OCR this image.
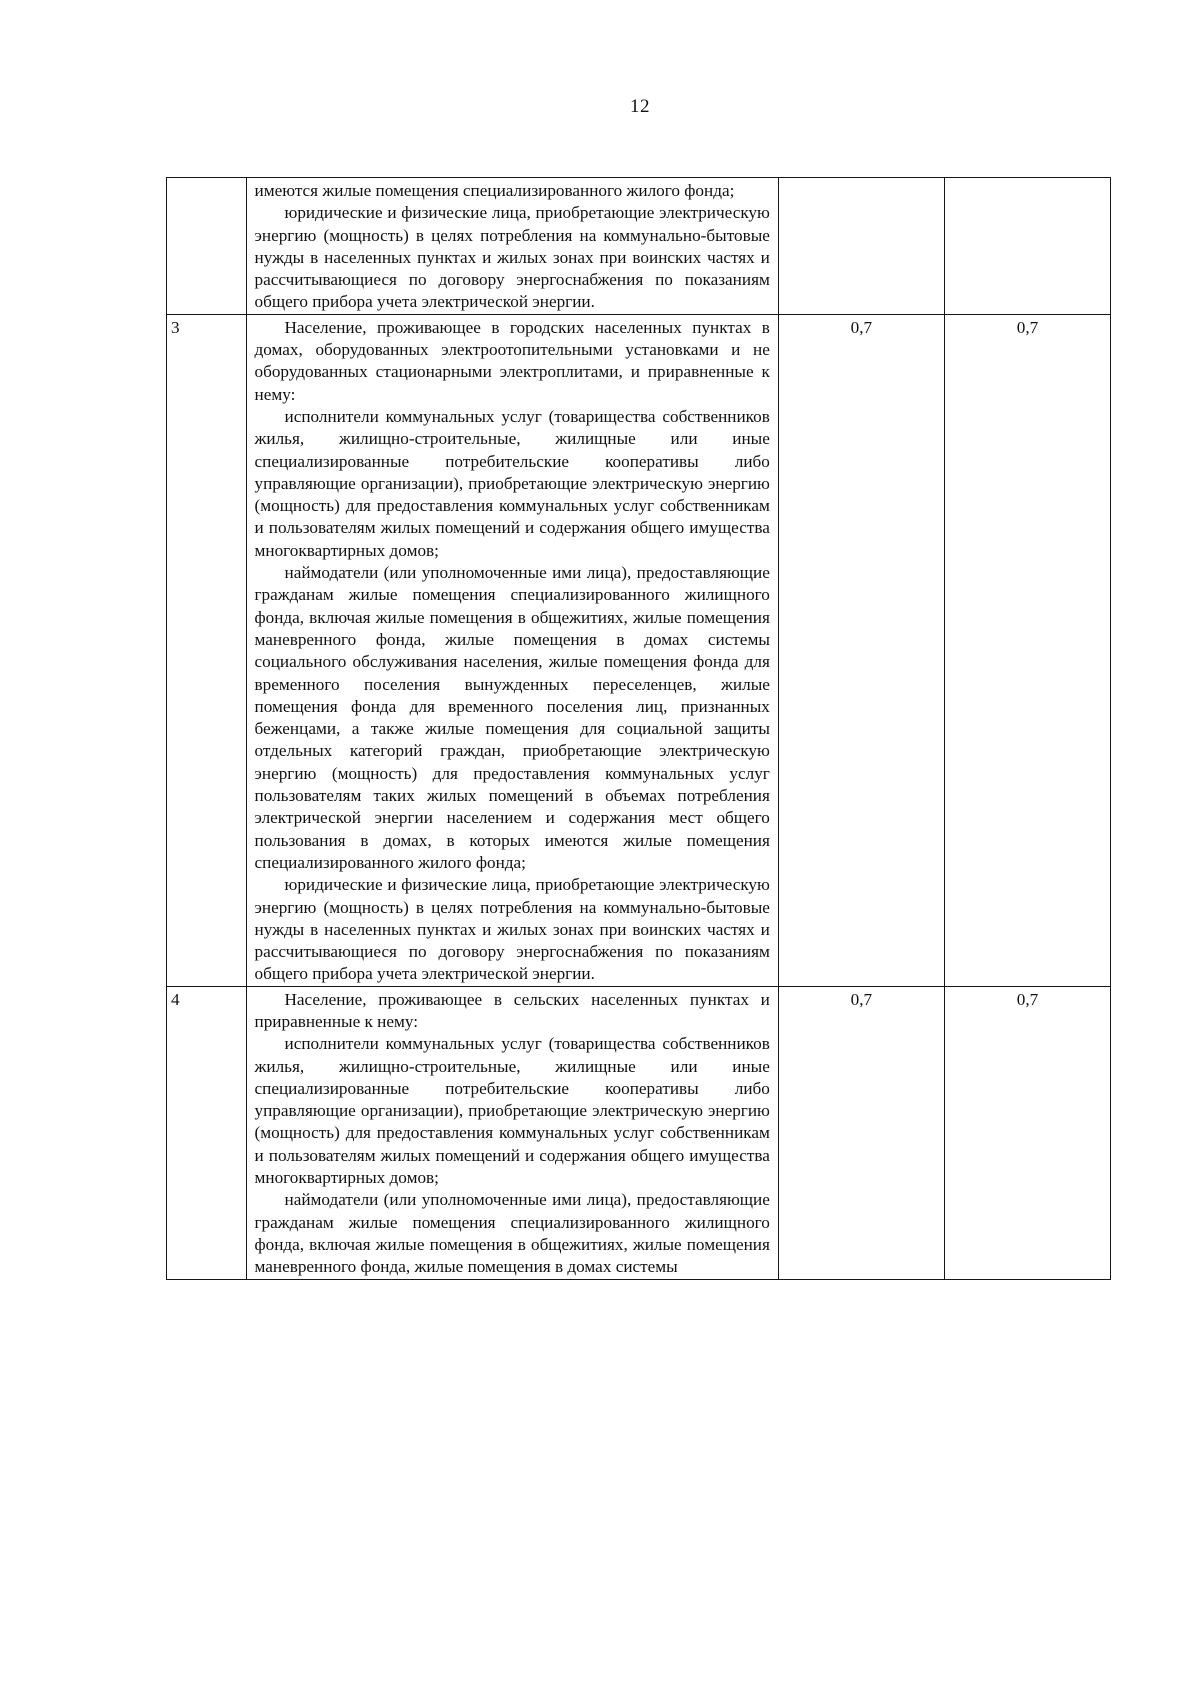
12

	имеются жилые помещения специализированного жилого фонда;

юридические и физические лица, приобретающие электрическую энергию (мощность) в целях потребления на коммунально-бытовые нужды в населенных пунктах и жилых зонах при воинских частях и рассчитывающиеся по договору энергоснабжения по показаниям общего прибора учета электрической энергии.		

3	Население, проживающее в городских населенных пунктах в домах, оборудованных электроотопительными установками и не оборудованных стационарными электроплитами, и приравненные к нему:

исполнители коммунальных услуг (товарищества собственников жилья, жилищно-строительные, жилищные или иные специализированные потребительские кооперативы либо управляющие организации), приобретающие электрическую энергию (мощность) для предоставления коммунальных услуг собственникам и пользователям жилых помещений и содержания общего имущества многоквартирных домов;

наймодатели (или уполномоченные ими лица), предоставляющие гражданам жилые помещения специализированного жилищного фонда, включая жилые помещения в общежитиях, жилые помещения маневренного фонда, жилые помещения в домах системы социального обслуживания населения, жилые помещения фонда для временного поселения вынужденных переселенцев, жилые помещения фонда для временного поселения лиц, признанных беженцами, а также жилые помещения для социальной защиты отдельных категорий граждан, приобретающие электрическую энергию (мощность) для предоставления коммунальных услуг пользователям таких жилых помещений в объемах потребления электрической энергии населением и содержания мест общего пользования в домах, в которых имеются жилые помещения специализированного жилого фонда;

юридические и физические лица, приобретающие электрическую энергию (мощность) в целях потребления на коммунально-бытовые нужды в населенных пунктах и жилых зонах при воинских частях и рассчитывающиеся по договору энергоснабжения по показаниям общего прибора учета электрической энергии.	0,7	0,7
4	Население, проживающее в сельских населенных пунктах и приравненные к нему:

исполнители коммунальных услуг (товарищества собственников жилья, жилищно-строительные, жилищные или иные специализированные потребительские кооперативы либо управляющие организации), приобретающие электрическую энергию (мощность) для предоставления коммунальных услуг собственникам и пользователям жилых помещений и содержания общего имущества многоквартирных домов;

наймодатели (или уполномоченные ими лица), предоставляющие гражданам жилые помещения специализированного жилищного фонда, включая жилые помещения в общежитиях, жилые помещения маневренного фонда, жилые помещения в домах системы	0,7	0,7
